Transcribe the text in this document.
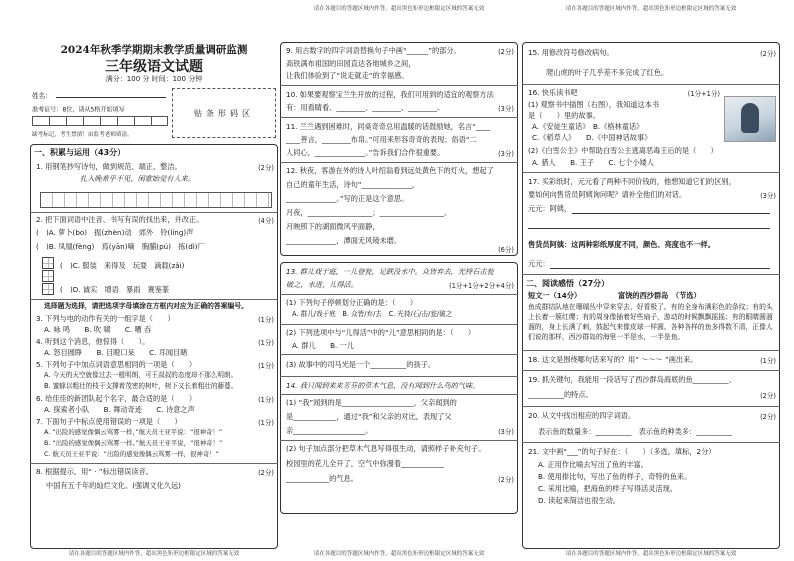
2024年秋季学期期末教学质量调研监测
三年级语文试题
满分：100 分 时间：100 分钟
姓名：
准考证号：8位，请从5格开始填写
缺考标记，考生禁填！由监考老师填涂。
贴条形码区
一、积累与运用（43分）
1. 用钢笔抄写诗句，做到规范、端正、整洁。	(2分)
扎入晚希乎不见，闲歌始觉有人来。
2. 把下面词语中注音、书写有误的找出来，并改正。	(4分)
(　)A. 萝卜(bo)　振(zhèn)动　郊外　铃(líng)声
(　)B. 凤凰(fèng)　焉(yān)嘀　胸脯(pú)　拣(dì)厂
(　)C. 服装　来得及　玩耍　滴载(zǎi)
(　)D. 诚实　增语　暴雨　赛鉴篆
选择题为选择，请把选项字母填涂在方框内对应为正确的答案编号。
3. 下列与电的动作有关的一组字是（　　）	(1分)
A. 咏 鸣　　B. 吹 啸　　C. 嘈 吞
4. 听到这个消息，他惊得（　　）。	(1分)
A. 怒目圆睁　　B. 目瞪口呆　　C. 耳闻目睹
5. 下列句子中加点词语意思相同的一项是（　　）	(1分)
A. 今天的天空就像过去一般明朗，可王叔叔的态度却不那么明朗。
B. 蜜蜂以粗壮的枝干支撑着茂密的树叶，树下又长着粗壮的藤蔓。
6. 给佳佳的新团队起个名字，最合适的是（　　）	(1分)
A. 探索者小队　　B. 舞动奇迹　　C. 诗意之声
7. 下面句子中标点使用错误的一项是（　　）	(1分)
A. “出险的感觉像偶云骂雾一样，”航天员王亚平说：“很神奇！”
B. “出险的感觉像偶云骂雾一样。”航天员王亚平说，“很神奇！”
C. 航天员王亚平说：“出险的感觉像偶云骂雾一样，很神奇！”
8. 根据提示，用“ · ”标出错误读音。	(2分)
中国有五千年的灿烂文化。(强调文化久远)
请在各题目的答题区域内作答，超出黑色矩形边框限定区域的答案无效
请在各题目的答题区域内作答，超出黑色矩形边框限定区域的答案无效
9. 用古数字的四字词语替换句子中画“______”的部分。	(2分)
高铁满布祖国的田园直达各地城乡之间，
让我们体验到了“说走就走”的幸福感。
10. 如果要观察宝兰生开放的过程，我们可用到的适宜的观察方法
有：用看睛看、________、________、________。	(3分)
11. 兰兰遇到困难时，同桌奇奇总用温暖的话鼓励她，名言“____
____善言，________布帛。”可用来形容奇奇的表现；俗语“二
人同心，______________。”告诉我们合作很重要。	(3分)
12. 秋夜，客游在外的诗人叶绍翁看到远处黄色下的灯火，想起了
自己的童年生活，诗句“______________，
______________。”写的正是这个意思。
月夜，__________________；__________________。
月映照下的湖面微风平面静，
______________，潭面无风镜未磨。
(6分)
13. 群儿戏于庭，一儿登瓮，足跌没水中。众皆弃去，光持石击瓮
破之，水迸，儿得活。	(1分+1分+2分+4分)
(1) 下列句子停顿划分正确的是：（　　）
A. 群儿/戏于庭　B. 众皆/弃/去　C. 光持/石/击/瓮/破之
(2) 下列选项中与“儿得活”中的“儿”意思相同的是：（　　）
A. 群儿　　B. 一儿
(3) 故事中的司马光是一个__________的孩子。
14. 我只闻到来来芳芬的草木气息，没有闻到什么鸟的气味。
(1) “我”闻到的是____________________，父亲闻到的
是____________，通过“我”和父亲的对比，表现了父
亲____________________。	(3分)
(2) 句子加点部分把草木气息写得很生动，请照样子补充句子。
校园里的花儿全开了，空气中弥漫着____________
____________的气息。	(2分)
请在各题目的答题区域内作答，超出黑色矩形边框限定区域的答案无效
请在各题目的答题区域内作答，超出黑色矩形边框限定区域的答案无效
15. 用修改符号修改病句。	(2分)
爬山虎的叶子几乎差不多完成了红色。
16. 快乐读书吧	(1分+1分)
(1) 观察书中插图（右图），我知道这本书
是（　　）里的故事。
A.《安徒生童话》　B.《格林童话》
C.《稻草人》　　D.《中国神话故事》
(2)《白雪公主》中帮助白雪公主逃离恶毒王后的是（　　）
A. 猎人　　B. 王子　　C. 七个小矮人
17. 买彩纸时，元元看了两种不同价钱的，他想知道它们的区别，
要如何向售货员阿姨询问呢？请补全他们的对话。	(3分)
元元：阿姨，
售货员阿姨：这两种彩纸厚度不同，颜色、亮度也不一样。
元元：
二、阅读感悟（27分）
短文一（14分）	富饶的西沙群岛　（节选）
鱼成群结队地在珊瑚丛中穿来穿去，好看极了。有的全身布满彩色的条纹；有的头上长着一簇红缨；有的周身像插着好些扇子，游动的时候飘飘摇摇；有的眼睛圆溜溜的，身上长满了刺，鼓起气来像皮球一样圆。各种各样的鱼多得数不清，正像人们说的那样，西沙群岛的海里一半是水，一半是鱼。
18. 这文是围绕哪句话来写的？用“ ～～～ ”画出来。	(1分)
19. 抓关键句，我能用一段话写了西沙群岛海底的鱼__________、
__________的特点。	(2分)
20. 从文中找出相应的四字词语。	(2分)
表示鱼的数量多：__________　表示鱼的种类多：__________
21. 文中画“___”的句子好在：（　　）（多选，填标，2分）
A. 正用作比喻去写出了鱼的丰富。
B. 使用排比句，写出了鱼的样子，奇特的鱼来。
C. 采用比喻，把海鱼的样子写得活灵活现。
D. 读起来简洁也很生动。
请在各题目的答题区域内作答，超出黑色矩形边框限定区域的答案无效
